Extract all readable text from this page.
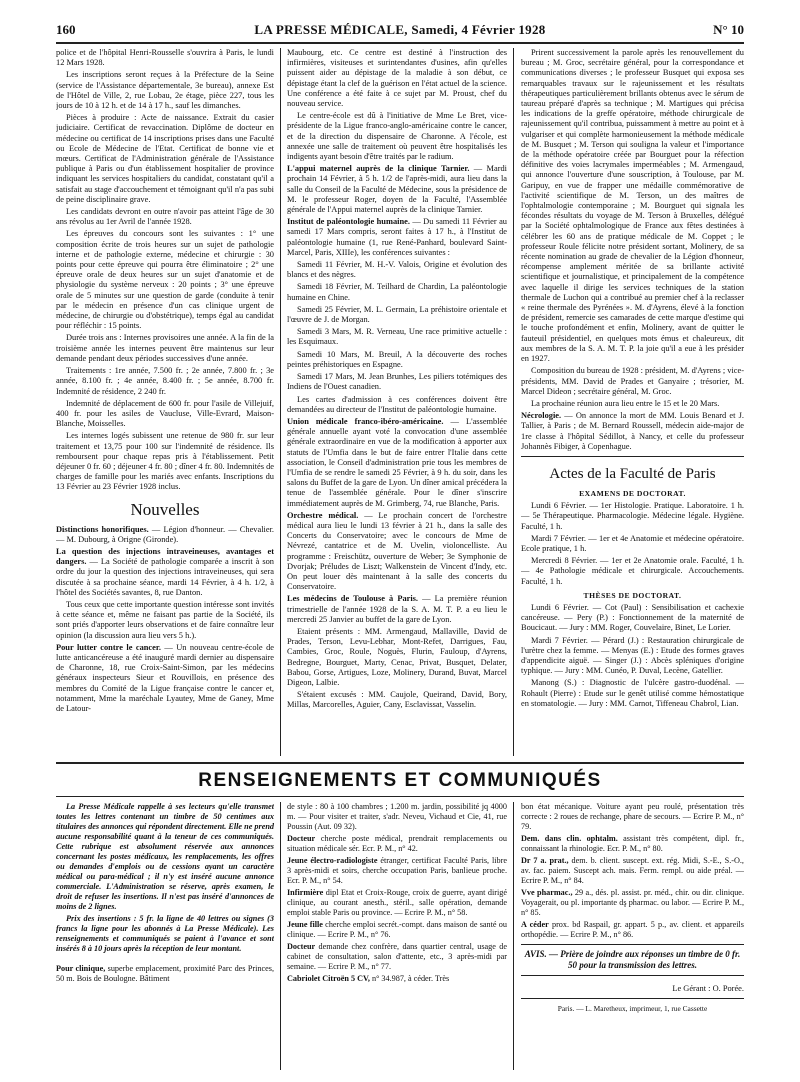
160	LA PRESSE MÉDICALE, Samedi, 4 Février 1928	N° 10

police et de l'hôpital Henri-Rousselle s'ouvrira à Paris, le lundi 12 Mars 1928.

Les inscriptions seront reçues à la Préfecture de la Seine (service de l'Assistance départementale, 3e bureau), annexe Est de l'Hôtel de Ville, 2, rue Lobau, 2e étage, pièce 227, tous les jours de 10 à 12 h. et de 14 à 17 h., sauf les dimanches.

Pièces à produire : Acte de naissance. Extrait du casier judiciaire. Certificat de revaccination. Diplôme de docteur en médecine ou certificat de 14 inscriptions prises dans une Faculté ou Ecole de Médecine de l'Etat. Certificat de bonne vie et mœurs. Certificat de l'Administration générale de l'Assistance publique à Paris ou d'un établissement hospitalier de province indiquant les services hospitaliers du candidat, constatant qu'il a satisfait au stage d'accouchement et témoignant qu'il n'a pas subi de peine disciplinaire grave.

Les candidats devront en outre n'avoir pas atteint l'âge de 30 ans révolus au 1er Avril de l'année 1928.

Les épreuves du concours sont les suivantes : 1° une composition écrite de trois heures sur un sujet de pathologie interne et de pathologie externe, médecine et chirurgie : 30 points pour cette épreuve qui pourra être éliminatoire ; 2° une épreuve orale de deux heures sur un sujet d'anatomie et de physiologie du système nerveux : 20 points ; 3° une épreuve orale de 5 minutes sur une question de garde (conduite à tenir par le médecin en présence d'un cas clinique urgent de médecine, de chirurgie ou d'obstétrique), temps égal au candidat pour réfléchir : 15 points.

Durée trois ans : Internes provisoires une année. A la fin de la troisième année les internes peuvent être maintenus sur leur demande pendant deux périodes successives d'une année.

Traitements : 1re année, 7.500 fr. ; 2e année, 7.800 fr. ; 3e année, 8.100 fr. ; 4e année, 8.400 fr. ; 5e année, 8.700 fr. Indemnité de résidence, 2 240 fr.

Indemnité de déplacement de 600 fr. pour l'asile de Villejuif, 400 fr. pour les asiles de Vaucluse, Ville-Evrard, Maison-Blanche, Moisselles.

Les internes logés subissent une retenue de 980 fr. sur leur traitement et 13,75 pour 100 sur l'indemnité de résidence. Ils remboursent pour chaque repas pris à l'établissement. Petit déjeuner 0 fr. 60 ; déjeuner 4 fr. 80 ; dîner 4 fr. 80. Indemnités de charges de famille pour les mariés avec enfants. Inscriptions du 13 Février au 23 Février 1928 inclus.

Nouvelles

Distinctions honorifiques. — Légion d'honneur. — Chevalier. — M. Dubourg, à Origne (Gironde).

La question des injections intraveineuses, avantages et dangers. — La Société de pathologie comparée a inscrit à son ordre du jour la question des injections intraveineuses, qui sera discutée à sa prochaine séance, mardi 14 Février, à 4 h. 1/2, à l'hôtel des Sociétés savantes, 8, rue Danton.

Tous ceux que cette importante question intéresse sont invités à cette séance et, même ne faisant pas partie de la Société, ils sont priés d'apporter leurs observations et de faire connaître leur opinion (la discussion aura lieu vers 5 h.).

Pour lutter contre le cancer. — Un nouveau centre-école de lutte anticancéreuse a été inauguré mardi dernier au dispensaire de Charonne, 18, rue Croix-Saint-Simon, par les médecins généraux inspecteurs Sieur et Rouvillois, en présence des membres du Comité de la Ligue française contre le cancer et, notamment, Mme la maréchale Lyautey, Mme de Ganey, Mme de Latour-

Maubourg, etc. Ce centre est destiné à l'instruction des infirmières, visiteuses et surintendantes d'usines, afin qu'elles puissent aider au dépistage de la maladie à son début, ce dépistage étant la clef de la guérison en l'état actuel de la science. Une conférence a été faite à ce sujet par M. Proust, chef du nouveau service.

Le centre-école est dû à l'initiative de Mme Le Bret, vice-présidente de la Ligue franco-anglo-américaine contre le cancer, et de la direction du dispensaire de Charonne. A l'école, est annexée une salle de traitement où peuvent être hospitalisés les indigents ayant besoin d'être traités par le radium.

L'appui maternel auprès de la clinique Tarnier. — Mardi prochain 14 Février, à 5 h. 1/2 de l'après-midi, aura lieu dans la salle du Conseil de la Faculté de Médecine, sous la présidence de M. le professeur Roger, doyen de la Faculté, l'Assemblée générale de l'Appui maternel auprès de la clinique Tarnier.

Institut de paléontologie humaine. — Du samedi 11 Février au samedi 17 Mars compris, seront faites à 17 h., à l'Institut de paléontologie humaine (1, rue René-Panhard, boulevard Saint-Marcel, Paris, XIIIe), les conférences suivantes :

Samedi 11 Février, M. H.-V. Valois, Origine et évolution des blancs et des nègres.

Samedi 18 Février, M. Teilhard de Chardin, La paléontologie humaine en Chine.

Samedi 25 Février, M. L. Germain, La préhistoire orientale et l'œuvre de J. de Morgan.

Samedi 3 Mars, M. R. Verneau, Une race primitive actuelle : les Esquimaux.

Samedi 10 Mars, M. Breuil, A la découverte des roches peintes préhistoriques en Espagne.

Samedi 17 Mars, M. Jean Brunhes, Les piliers totémiques des Indiens de l'Ouest canadien.

Les cartes d'admission à ces conférences doivent être demandées au directeur de l'Institut de paléontologie humaine.

Union médicale franco-ibéro-américaine. — L'assemblée générale annuelle ayant voté la convocation d'une assemblée générale extraordinaire en vue de la modification à apporter aux statuts de l'Umfia dans le but de faire entrer l'Italie dans cette association, le Conseil d'administration prie tous les membres de l'Umfia de se rendre le samedi 25 Février, à 9 h. du soir, dans les salons du Buffet de la gare de Lyon. Un dîner amical précédera la tenue de l'assemblée générale. Pour le dîner s'inscrire immédiatement auprès de M. Grimberg, 74, rue Blanche, Paris.

Orchestre médical. — Le prochain concert de l'orchestre médical aura lieu le lundi 13 février à 21 h., dans la salle des Concerts du Conservatoire; avec le concours de Mme de Névrezé, cantatrice et de M. Uvelin, violoncelliste. Au programme : Freischütz, ouverture de Weber; 3e Symphonie de Dvorjak; Préludes de Liszt; Walkenstein de Vincent d'Indy, etc. On peut louer dès maintenant à la salle des concerts du Conservatoire.

Les médecins de Toulouse à Paris. — La première réunion trimestrielle de l'année 1928 de la S. A. M. T. P. a eu lieu le mercredi 25 Janvier au buffet de la gare de Lyon.

Etaient présents : MM. Armengaud, Mallaville, David de Prades, Terson, Levu-Lebhar, Mont-Refet, Darrigues, Fau, Cambies, Groc, Roule, Noguès, Flurin, Fauloup, d'Ayrens, Bedregne, Bourguet, Marty, Cenac, Privat, Busquet, Delater, Babou, Gorse, Artigues, Loze, Molinery, Durand, Buvat, Marcel Digeon, Lalbie.

S'étaient excusés : MM. Caujole, Queirand, David, Bory, Millas, Marcorelles, Aguier, Cany, Esclavissat, Vasselin.

Prirent successivement la parole après les renouvellement du bureau ; M. Groc, secrétaire général, pour la correspondance et communications diverses ; le professeur Busquet qui exposa ses remarquables travaux sur le rajeunissement et les résultats thérapeutiques particulièrement brillants obtenus avec le sérum de taureau préparé d'après sa technique ; M. Martigues qui précisa les indications de la greffe opératoire, méthode chirurgicale de rajeunissement qu'il contribua, puissamment à mettre au point et à vulgariser et qui complète harmonieusement la méthode médicale de M. Busquet ; M. Terson qui souligna la valeur et l'importance de la méthode opératoire créée par Bourguet pour la réfection définitive des voies lacrymales imperméables ; M. Armengaud, qui annonce l'ouverture d'une souscription, à Toulouse, par M. Garipuy, en vue de frapper une médaille commémorative de l'activité scientifique de M. Terson, un des maîtres de l'ophtalmologie contemporaine ; M. Bourguet qui signala les fécondes résultats du voyage de M. Terson à Bruxelles, délégué par la Société ophtalmologique de France aux fêtes destinées à célébrer les 60 ans de pratique médicale de M. Coppet ; le professeur Roule félicite notre président sortant, Molinery, de sa récente nomination au grade de chevalier de la Légion d'honneur, récompense amplement méritée de sa brillante activité scientifique et journalistique, et principalement de la compétence avec laquelle il dirige les services techniques de la station thermale de Luchon qui a contribué au premier chef à la reclasser « reine thermale des Pyrénées ». M. d'Ayrens, élevé à la fonction de président, remercie ses camarades de cette marque d'estime qui le touche profondément et enfin, Molinery, avant de quitter le fauteuil présidentiel, en quelques mots émus et chaleureux, dit aux membres de la S. A. M. T. P. la joie qu'il a eue à les présider en 1927.

Composition du bureau de 1928 : président, M. d'Ayrens ; vice-présidents, MM. David de Prades et Ganyaire ; trésorier, M. Marcel Dideon ; secrétaire général, M. Groc.

La prochaine réunion aura lieu entre le 15 et le 20 Mars.

Nécrologie. — On annonce la mort de MM. Louis Benard et J. Tallier, à Paris ; de M. Bernard Roussell, médecin aide-major de 1re classe à l'hôpital Sédillot, à Nancy, et celle du professeur Johannès Fibiger, à Copenhague.

Actes de la Faculté de Paris
EXAMENS DE DOCTORAT.

Lundi 6 Février. — 1er Histologie. Pratique. Laboratoire. 1 h. — 5e Thérapeutique. Pharmacologie. Médecine légale. Hygiène. Faculté, 1 h.

Mardi 7 Février. — 1er et 4e Anatomie et médecine opératoire. Ecole pratique, 1 h.

Mercredi 8 Février. — 1er et 2e Anatomie orale. Faculté, 1 h. — 4e Pathologie médicale et chirurgicale. Accouchements. Faculté, 1 h.

THÈSES DE DOCTORAT.

Lundi 6 Février. — Cot (Paul) : Sensibilisation et cachexie cancéreuse. — Pery (P.) : Fonctionnement de la maternité de Boucicaut. — Jury : MM. Roger, Couvelaire, Binet, Le Lorier.

Mardi 7 Février. — Pérard (J.) : Restauration chirurgicale de l'urètre chez la femme. — Menyas (E.) : Etude des formes graves d'appendicite aiguë. — Singer (J.) : Abcès spléniques d'origine typhique. — Jury : MM. Cunéo, P. Duval, Lecène, Gatellier.

Manong (S.) : Diagnostic de l'ulcère gastro-duodénal. — Rohault (Pierre) : Etude sur le genêt utilisé comme hémostatique en stomatologie. — Jury : MM. Carnot, Tiffeneau Chabrol, Lian.

RENSEIGNEMENTS ET COMMUNIQUÉS

La Presse Médicale rappelle à ses lecteurs qu'elle transmet toutes les lettres contenant un timbre de 50 centimes aux titulaires des annonces qui répondent directement. Elle ne prend aucune responsabilité quant à la teneur de ces communiqués. Cette rubrique est absolument réservée aux annonces concernant les postes médicaux, les remplacements, les offres ou demandes d'emplois ou de cessions ayant un caractère médical ou para-médical ; il n'y est inséré aucune annonce commerciale. L'Administration se réserve, après examen, le droit de refuser les insertions. Il n'est pas inséré d'annonces de moins de 2 lignes.

Prix des insertions : 5 fr. la ligne de 40 lettres ou signes (3 francs la ligne pour les abonnés à La Presse Médicale). Les renseignements et communiqués se paient à l'avance et sont insérés 8 à 10 jours après la réception de leur montant.

Pour clinique, superbe emplacement, proximité Parc des Princes, 50 m. Bois de Boulogne. Bâtiment

de style : 80 à 100 chambres ; 1.200 m. jardin, possibilité jq 4000 m. — Pour visiter et traiter, s'adr. Neveu, Vichaud et Cie, 41, rue Poussin (Aut. 09 32).

Docteur cherche poste médical, prendrait remplacements ou situation médicale sér. Ecr. P. M., n° 42.

Jeune électro-radiologiste étranger, certificat Faculté Paris, libre 3 après-midi et soirs, cherche occupation Paris, banlieue proche. Ecr. P. M., n° 54.

Infirmière dipl Etat et Croix-Rouge, croix de guerre, ayant dirigé clinique, au courant anesth., stéril., salle opération, demande emploi stable Paris ou province. — Ecrire P. M., n° 58.

Jeune fille cherche emploi secrét.-compt. dans maison de santé ou clinique. — Ecrire P. M., n° 76.

Docteur demande chez confrère, dans quartier central, usage de cabinet de consultation, salon d'attente, etc., 3 après-midi par semaine. — Ecrire P. M., n° 77.

Cabriolet Citroën 5 CV, n° 34.987, à céder. Très

bon état mécanique. Voiture ayant peu roulé, présentation très correcte : 2 roues de rechange, phare de secours. — Ecrire P. M., n° 79.

Dem. dans clin. ophtalm. assistant très compétent, dipl. fr., connaissant la rhinologie. Ecr. P. M., n° 80.

Dr 7 a. prat., dem. b. client. suscept. ext. rég. Midi, S.-E., S.-O., av. fac. paiem. Suscept ach. mais. Ferm. rempl. ou aide préal. — Ecrire P. M., n° 84.

Vve pharmac., 29 a., dés. pl. assist. pr. méd., chir. ou dir. clinique. Voyagerait, ou pl. importante dş pharmac. ou labor. — Ecrire P. M., n° 85.

A céder prox. bd Raspail, gr. appart. 5 p., av. client. et appareils orthopédie. — Ecrire P. M., n° 86.

AVIS. — Prière de joindre aux réponses un timbre de 0 fr. 50 pour la transmission des lettres.
Le Gérant : O. Porée.
Paris. — L. Maretheux, imprimeur, 1, rue Cassette
